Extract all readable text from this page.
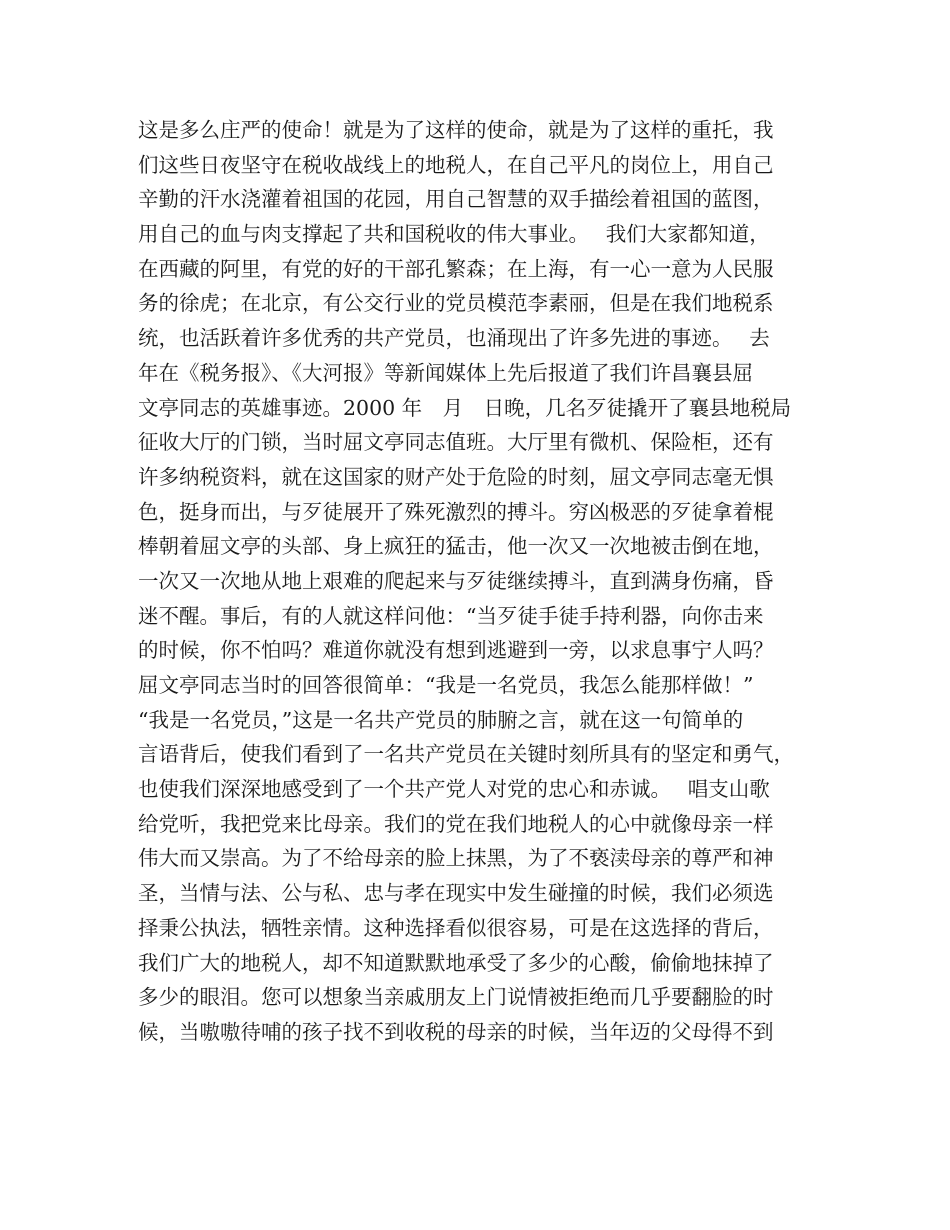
这是多么庄严的使命！就是为了这样的使命，就是为了这样的重托，我
们这些日夜坚守在税收战线上的地税人，在自己平凡的岗位上，用自己
辛勤的汗水浇灌着祖国的花园，用自己智慧的双手描绘着祖国的蓝图，
用自己的血与肉支撑起了共和国税收的伟大事业。　 我们大家都知道，
在西藏的阿里，有党的好的干部孔繁森；在上海，有一心一意为人民服
务的徐虎；在北京，有公交行业的党员模范李素丽，但是在我们地税系
统，也活跃着许多优秀的共产党员，也涌现出了许多先进的事迹。　 去
年在《税务报》、《大河报》等新闻媒体上先后报道了我们许昌襄县屈
文亭同志的英雄事迹。2000 年　月　日晚，几名歹徒撬开了襄县地税局
征收大厅的门锁，当时屈文亭同志值班。大厅里有微机、保险柜，还有
许多纳税资料，就在这国家的财产处于危险的时刻，屈文亭同志毫无惧
色，挺身而出，与歹徒展开了殊死激烈的搏斗。穷凶极恶的歹徒拿着棍
棒朝着屈文亭的头部、身上疯狂的猛击，他一次又一次地被击倒在地，
一次又一次地从地上艰难的爬起来与歹徒继续搏斗，直到满身伤痛，昏
迷不醒。事后，有的人就这样问他：“当歹徒手徒手持利器，向你击来
的时候，你不怕吗？难道你就没有想到逃避到一旁，以求息事宁人吗？
屈文亭同志当时的回答很简单：“我是一名党员，我怎么能那样做！”
“我是一名党员，”这是一名共产党员的肺腑之言，就在这一句简单的
言语背后，使我们看到了一名共产党员在关键时刻所具有的坚定和勇气，
也使我们深深地感受到了一个共产党人对党的忠心和赤诚。　 唱支山歌
给党听，我把党来比母亲。我们的党在我们地税人的心中就像母亲一样
伟大而又崇高。为了不给母亲的脸上抹黑，为了不亵渎母亲的尊严和神
圣，当情与法、公与私、忠与孝在现实中发生碰撞的时候，我们必须选
择秉公执法，牺牲亲情。这种选择看似很容易，可是在这选择的背后，
我们广大的地税人，却不知道默默地承受了多少的心酸，偷偷地抹掉了
多少的眼泪。您可以想象当亲戚朋友上门说情被拒绝而几乎要翻脸的时
候，当嗷嗷待哺的孩子找不到收税的母亲的时候，当年迈的父母得不到
